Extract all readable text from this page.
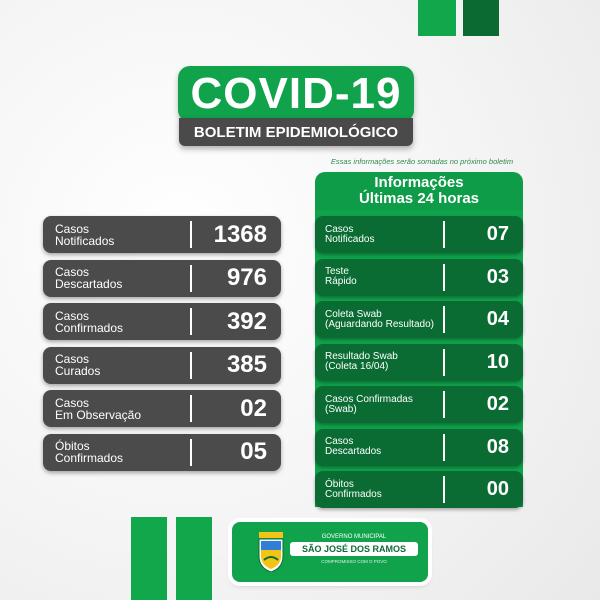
COVID-19
BOLETIM EPIDEMIOLÓGICO
Casos
Notificados	1368
Casos
Descartados	976
Casos
Confirmados	392
Casos
Curados	385
Casos
Em Observação	02
Óbitos
Confirmados	05
Essas informações serão somadas no próximo boletim
Informações
Últimas 24 horas
Casos
Notificados	07
Teste
Rápido	03
Coleta Swab
(Aguardando Resultado)	04
Resultado Swab
(Coleta 16/04)	10
Casos Confirmadas
(Swab)	02
Casos
Descartados	08
Óbitos
Confirmados	00
GOVERNO MUNICIPAL
SÃO JOSÉ DOS RAMOS
COMPROMISSO COM O POVO
